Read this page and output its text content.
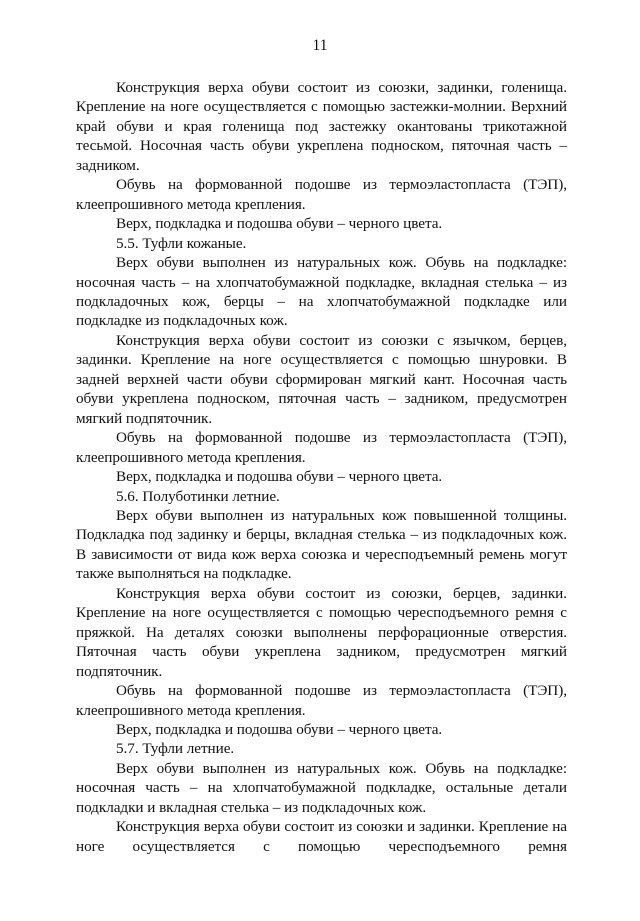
11

Конструкция верха обуви состоит из союзки, задинки, голенища. Крепление на ноге осуществляется с помощью застежки-молнии. Верхний край обуви и края голенища под застежку окантованы трикотажной тесьмой. Носочная часть обуви укреплена подноском, пяточная часть – задником.

Обувь на формованной подошве из термоэластопласта (ТЭП), клеепрошивного метода крепления.

Верх, подкладка и подошва обуви – черного цвета.

5.5. Туфли кожаные.

Верх обуви выполнен из натуральных кож. Обувь на подкладке: носочная часть – на хлопчатобумажной подкладке, вкладная стелька – из подкладочных кож, берцы – на хлопчатобумажной подкладке или подкладке из подкладочных кож.

Конструкция верха обуви состоит из союзки с язычком, берцев, задинки. Крепление на ноге осуществляется с помощью шнуровки. В задней верхней части обуви сформирован мягкий кант. Носочная часть обуви укреплена подноском, пяточная часть – задником, предусмотрен мягкий подпяточник.

Обувь на формованной подошве из термоэластопласта (ТЭП), клеепрошивного метода крепления.

Верх, подкладка и подошва обуви – черного цвета.

5.6. Полуботинки летние.

Верх обуви выполнен из натуральных кож повышенной толщины. Подкладка под задинку и берцы, вкладная стелька – из подкладочных кож. В зависимости от вида кож верха союзка и чересподъемный ремень могут также выполняться на подкладке.

Конструкция верха обуви состоит из союзки, берцев, задинки. Крепление на ноге осуществляется с помощью чересподъемного ремня с пряжкой. На деталях союзки выполнены перфорационные отверстия. Пяточная часть обуви укреплена задником, предусмотрен мягкий подпяточник.

Обувь на формованной подошве из термоэластопласта (ТЭП), клеепрошивного метода крепления.

Верх, подкладка и подошва обуви – черного цвета.

5.7. Туфли летние.

Верх обуви выполнен из натуральных кож. Обувь на подкладке: носочная часть – на хлопчатобумажной подкладке, остальные детали подкладки и вкладная стелька – из подкладочных кож.

Конструкция верха обуви состоит из союзки и задинки. Крепление на ноге осуществляется с помощью чересподъемного ремня
